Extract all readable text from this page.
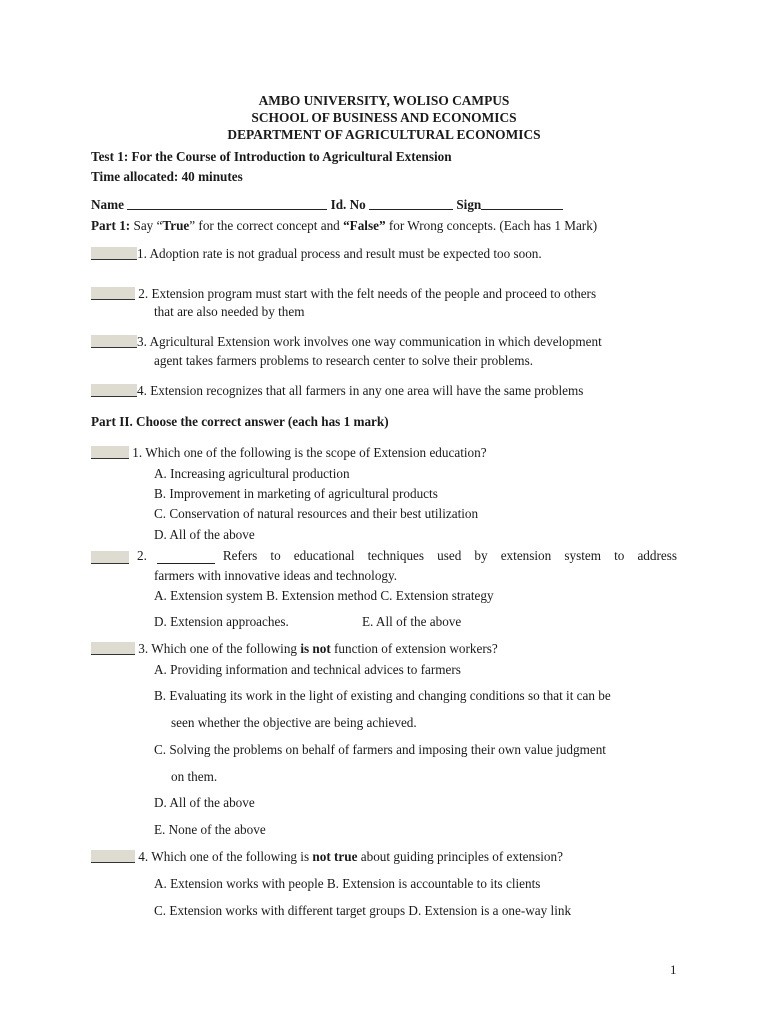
AMBO UNIVERSITY, WOLISO CAMPUS
SCHOOL OF BUSINESS AND ECONOMICS
DEPARTMENT OF AGRICULTURAL ECONOMICS
Test 1: For the Course of Introduction to Agricultural Extension
Time allocated: 40 minutes
Name	Id. No	Sign
Part 1: Say “True” for the correct concept and “False” for Wrong concepts. (Each has 1 Mark)
1. Adoption rate is not gradual process and result must be expected too soon.
2. Extension program must start with the felt needs of the people and proceed to others
that are also needed by them
3. Agricultural Extension work involves one way communication in which development
agent takes farmers problems to research center to solve their problems.
4. Extension recognizes that all farmers in any one area will have the same problems
Part II. Choose the correct answer (each has 1 mark)
1. Which one of the following is the scope of Extension education?
A. Increasing agricultural production
B. Improvement in marketing of agricultural products
C. Conservation of natural resources and their best utilization
D. All of the above
2.	Refers to educational techniques used by extension system to address
farmers with innovative ideas and technology.
A. Extension system B. Extension method C. Extension strategy
D. Extension approaches.	E. All of the above
3. Which one of the following is not function of extension workers?
A. Providing information and technical advices to farmers
B. Evaluating its work in the light of existing and changing conditions so that it can be
seen whether the objective are being achieved.
C. Solving the problems on behalf of farmers and imposing their own value judgment
on them.
D. All of the above
E. None of the above
4. Which one of the following is not true about guiding principles of extension?
A. Extension works with people B. Extension is accountable to its clients
C. Extension works with different target groups D. Extension is a one-way link
1
